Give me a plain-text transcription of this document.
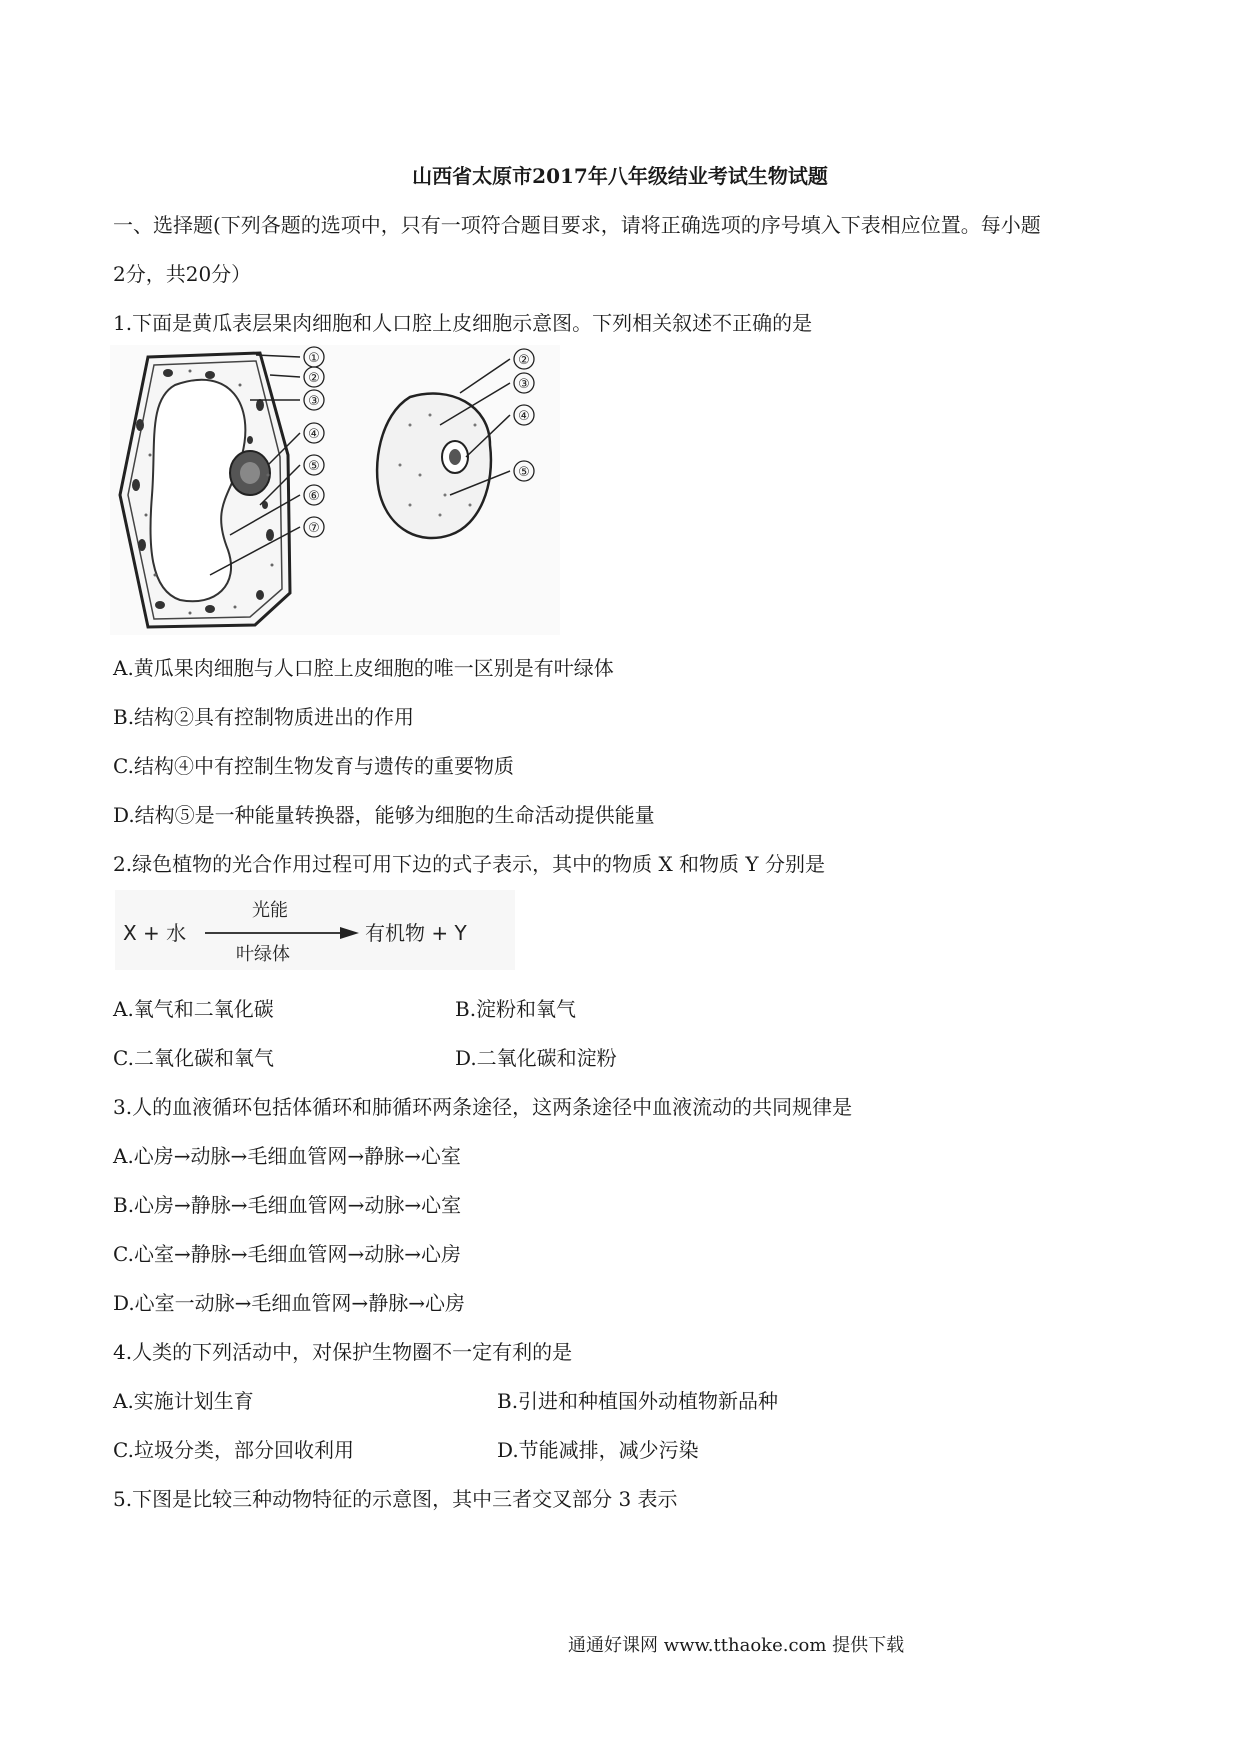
山西省太原市2017年八年级结业考试生物试题
一、选择题(下列各题的选项中，只有一项符合题目要求，请将正确选项的序号填入下表相应位置。每小题
2分，共20分）
1.下面是黄瓜表层果肉细胞和人口腔上皮细胞示意图。下列相关叙述不正确的是
①
②
③
④
⑤
⑥
⑦
②
③
④
⑤
A.黄瓜果肉细胞与人口腔上皮细胞的唯一区别是有叶绿体
B.结构②具有控制物质进出的作用
C.结构④中有控制生物发育与遗传的重要物质
D.结构⑤是一种能量转换器，能够为细胞的生命活动提供能量
2.绿色植物的光合作用过程可用下边的式子表示，其中的物质 X 和物质 Y 分别是
X + 水
光能
叶绿体
有机物 + Y
A.氧气和二氧化碳	B.淀粉和氧气
C.二氧化碳和氧气	D.二氧化碳和淀粉
3.人的血液循环包括体循环和肺循环两条途径，这两条途径中血液流动的共同规律是
A.心房→动脉→毛细血管网→静脉→心室
B.心房→静脉→毛细血管网→动脉→心室
C.心室→静脉→毛细血管网→动脉→心房
D.心室一动脉→毛细血管网→静脉→心房
4.人类的下列活动中，对保护生物圈不一定有利的是
A.实施计划生育	B.引进和种植国外动植物新品种
C.垃圾分类，部分回收利用	D.节能减排，减少污染
5.下图是比较三种动物特征的示意图，其中三者交叉部分 3 表示
通通好课网 www.tthaoke.com 提供下载
